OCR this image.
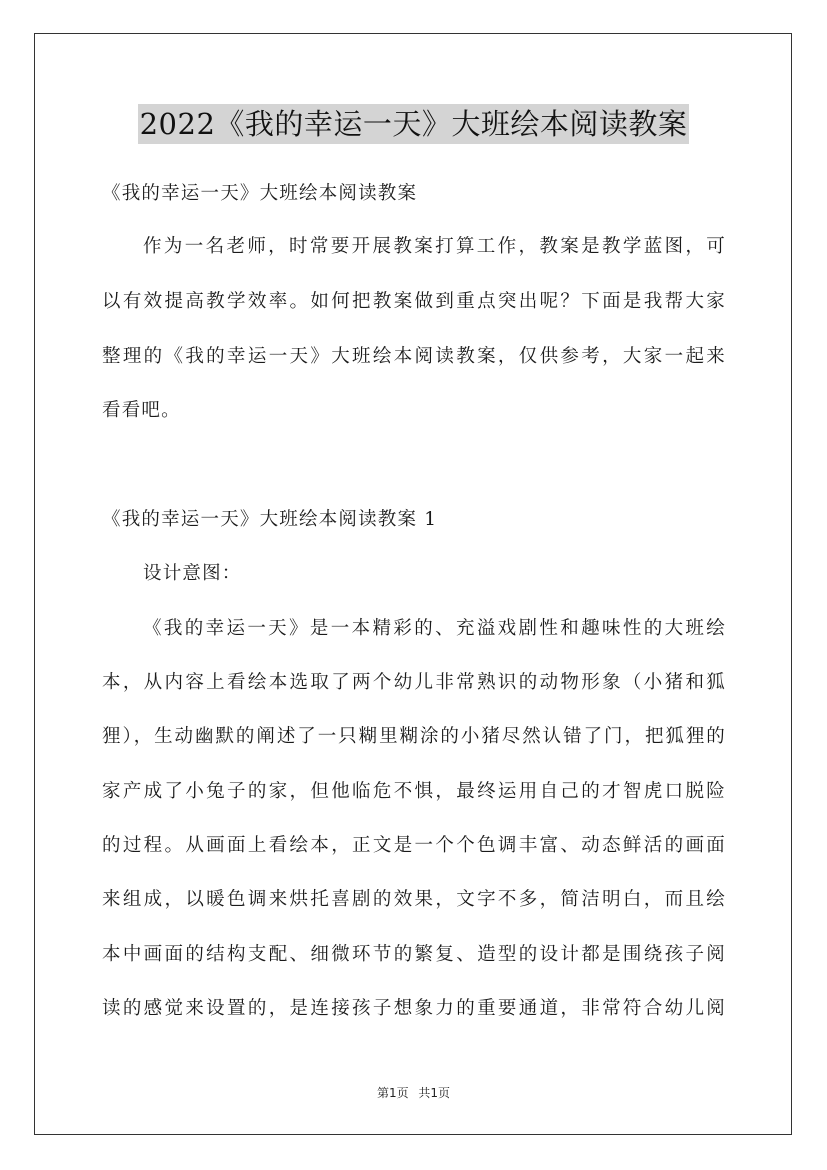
2022《我的幸运一天》大班绘本阅读教案
《我的幸运一天》大班绘本阅读教案
作为一名老师，时常要开展教案打算工作，教案是教学蓝图，可
以有效提高教学效率。如何把教案做到重点突出呢？下面是我帮大家
整理的《我的幸运一天》大班绘本阅读教案，仅供参考，大家一起来
看看吧。
《我的幸运一天》大班绘本阅读教案 1
设计意图：
《我的幸运一天》是一本精彩的、充溢戏剧性和趣味性的大班绘
本，从内容上看绘本选取了两个幼儿非常熟识的动物形象（小猪和狐
狸），生动幽默的阐述了一只糊里糊涂的小猪尽然认错了门，把狐狸的
家产成了小兔子的家，但他临危不惧，最终运用自己的才智虎口脱险
的过程。从画面上看绘本，正文是一个个色调丰富、动态鲜活的画面
来组成，以暖色调来烘托喜剧的效果，文字不多，简洁明白，而且绘
本中画面的结构支配、细微环节的繁复、造型的设计都是围绕孩子阅
读的感觉来设置的，是连接孩子想象力的重要通道，非常符合幼儿阅
第1页 共1页
